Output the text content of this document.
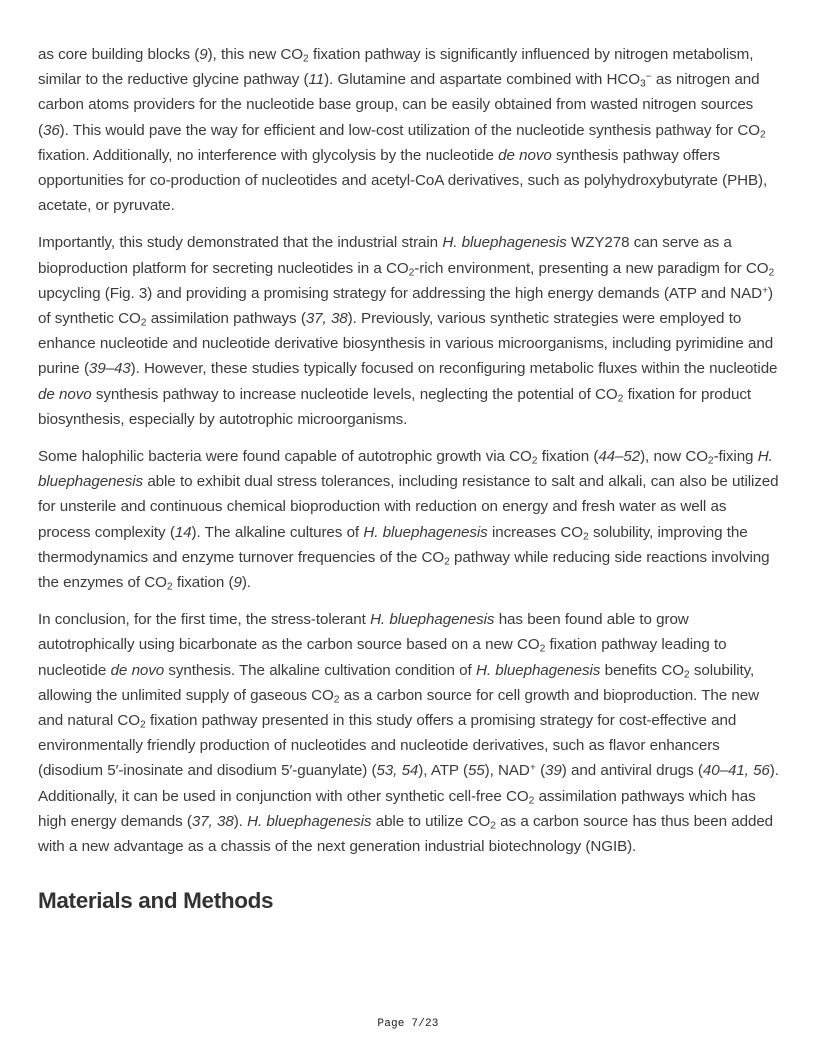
as core building blocks (9), this new $CO_2$ fixation pathway is significantly influenced by nitrogen metabolism, similar to the reductive glycine pathway (11). Glutamine and aspartate combined with $HCO_3^-$ as nitrogen and carbon atoms providers for the nucleotide base group, can be easily obtained from wasted nitrogen sources (36). This would pave the way for efficient and low-cost utilization of the nucleotide synthesis pathway for $CO_2$ fixation. Additionally, no interference with glycolysis by the nucleotide de novo synthesis pathway offers opportunities for co-production of nucleotides and acetyl-CoA derivatives, such as polyhydroxybutyrate (PHB), acetate, or pyruvate.

Importantly, this study demonstrated that the industrial strain H. bluephagenesis WZY278 can serve as a bioproduction platform for secreting nucleotides in a $CO_2$-rich environment, presenting a new paradigm for $CO_2$ upcycling (Fig. 3) and providing a promising strategy for addressing the high energy demands (ATP and NAD+) of synthetic $CO_2$ assimilation pathways (37, 38). Previously, various synthetic strategies were employed to enhance nucleotide and nucleotide derivative biosynthesis in various microorganisms, including pyrimidine and purine (39–43). However, these studies typically focused on reconfiguring metabolic fluxes within the nucleotide de novo synthesis pathway to increase nucleotide levels, neglecting the potential of $CO_2$ fixation for product biosynthesis, especially by autotrophic microorganisms.

Some halophilic bacteria were found capable of autotrophic growth via $CO_2$ fixation (44–52), now $CO_2$-fixing H. bluephagenesis able to exhibit dual stress tolerances, including resistance to salt and alkali, can also be utilized for unsterile and continuous chemical bioproduction with reduction on energy and fresh water as well as process complexity (14). The alkaline cultures of H. bluephagenesis increases $CO_2$ solubility, improving the thermodynamics and enzyme turnover frequencies of the $CO_2$ pathway while reducing side reactions involving the enzymes of $CO_2$ fixation (9).

In conclusion, for the first time, the stress-tolerant H. bluephagenesis has been found able to grow autotrophically using bicarbonate as the carbon source based on a new $CO_2$ fixation pathway leading to nucleotide de novo synthesis. The alkaline cultivation condition of H. bluephagenesis benefits $CO_2$ solubility, allowing the unlimited supply of gaseous $CO_2$ as a carbon source for cell growth and bioproduction. The new and natural $CO_2$ fixation pathway presented in this study offers a promising strategy for cost-effective and environmentally friendly production of nucleotides and nucleotide derivatives, such as flavor enhancers (disodium 5′-inosinate and disodium 5′-guanylate) (53, 54), ATP (55), NAD+ (39) and antiviral drugs (40–41, 56). Additionally, it can be used in conjunction with other synthetic cell-free $CO_2$ assimilation pathways which has high energy demands (37, 38). H. bluephagenesis able to utilize $CO_2$ as a carbon source has thus been added with a new advantage as a chassis of the next generation industrial biotechnology (NGIB).

Materials and Methods
Page 7/23
